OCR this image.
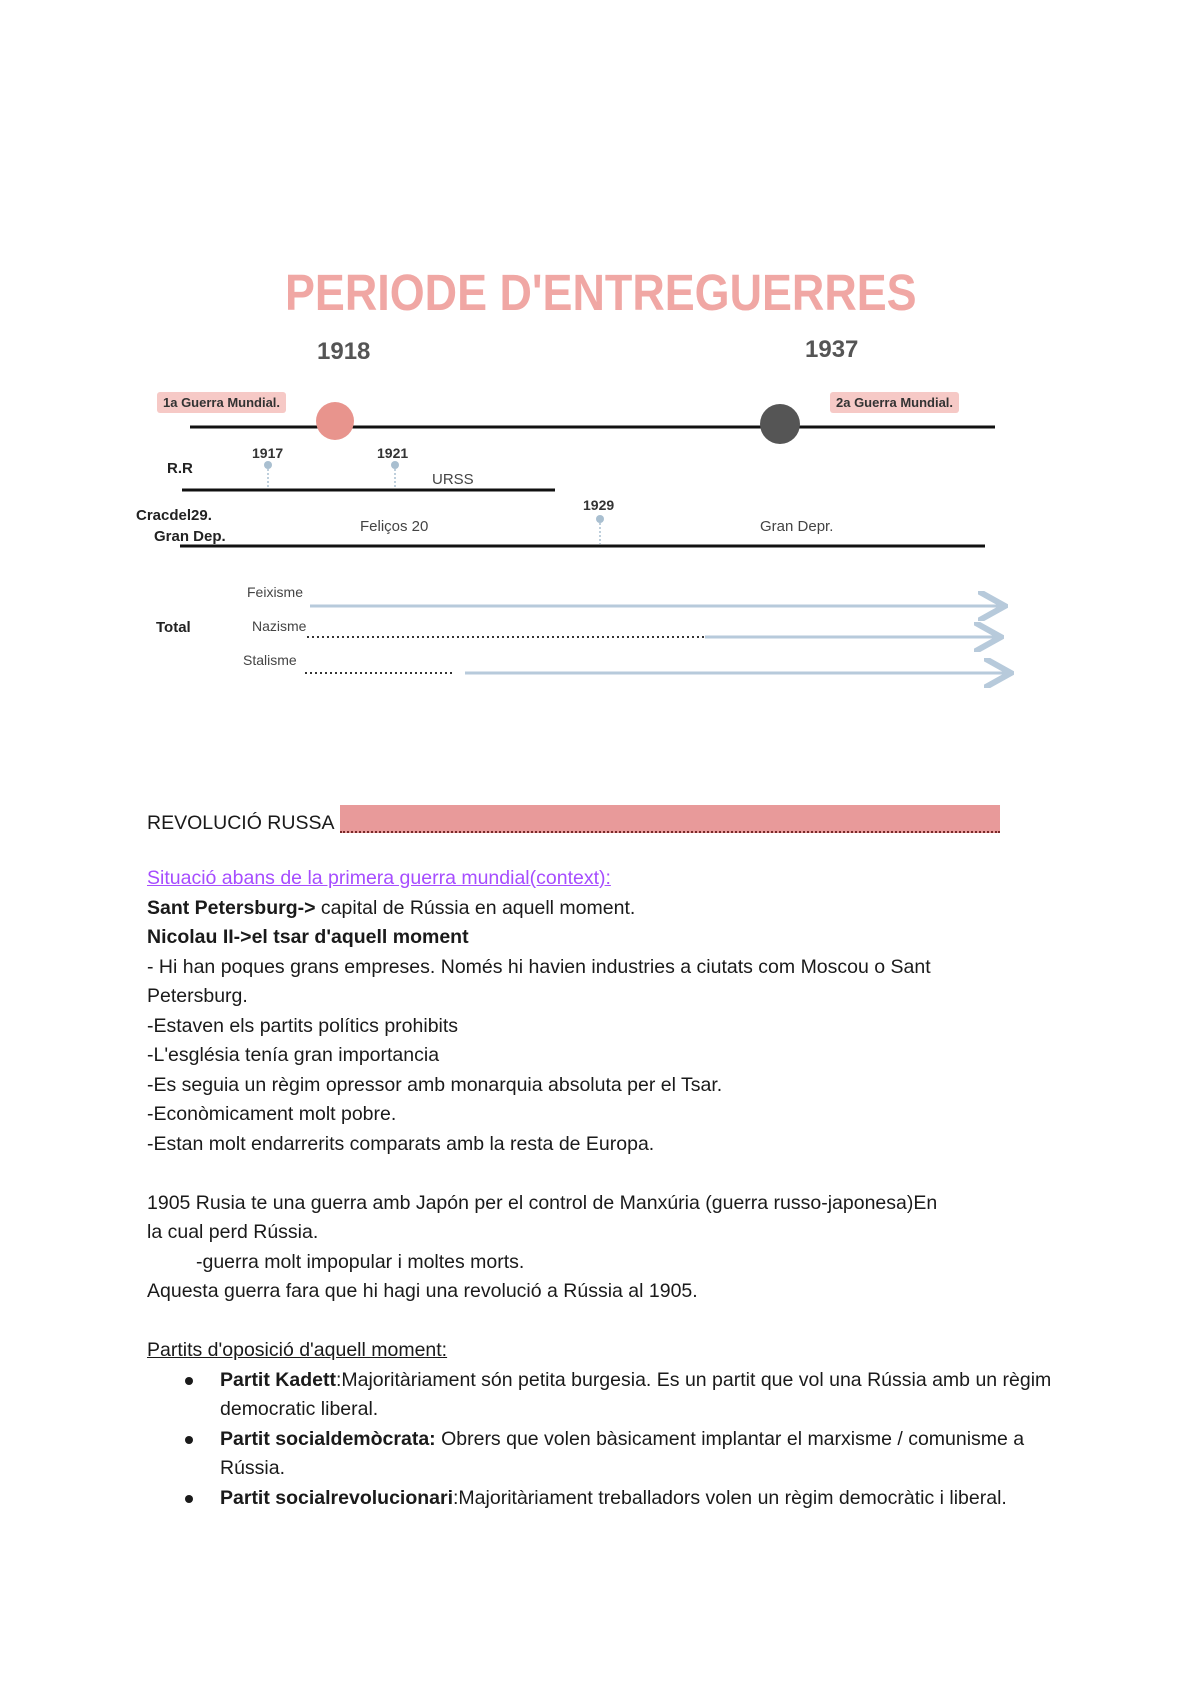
PERIODE D'ENTREGUERRES
1918	1937
1a Guerra Mundial.	2a Guerra Mundial.
R.R
1917	1921
URSS
Cracdel29.
Gran Dep.
1929
Feliços 20	Gran Depr.
Total
Feixisme
Nazisme
Stalisme
REVOLUCIÓ RUSSA
Situació abans de la primera guerra mundial(context):
Sant Petersburg-> capital de Rússia en aquell moment.
Nicolau II->el tsar d'aquell moment
- Hi han poques grans empreses. Només hi havien industries a ciutats com Moscou o Sant
Petersburg.
-Estaven els partits polítics prohibits
-L'església tenía gran importancia
-Es seguia un règim opressor amb monarquia absoluta per el Tsar.
-Econòmicament molt pobre.
-Estan molt endarrerits comparats amb la resta de Europa.
1905 Rusia te una guerra amb Japón per el control de Manxúria (guerra russo-japonesa)En
la cual perd Rússia.
-guerra molt impopular i moltes morts.
Aquesta guerra fara que hi hagi una revolució a Rússia al 1905.
Partits d'oposició d'aquell moment:
Partit Kadett:Majoritàriament són petita burgesia. Es un partit que vol una Rússia amb un règim democratic liberal.
Partit socialdemòcrata: Obrers que volen bàsicament implantar el marxisme / comunisme a Rússia.
Partit socialrevolucionari:Majoritàriament treballadors volen un règim democràtic i liberal.
